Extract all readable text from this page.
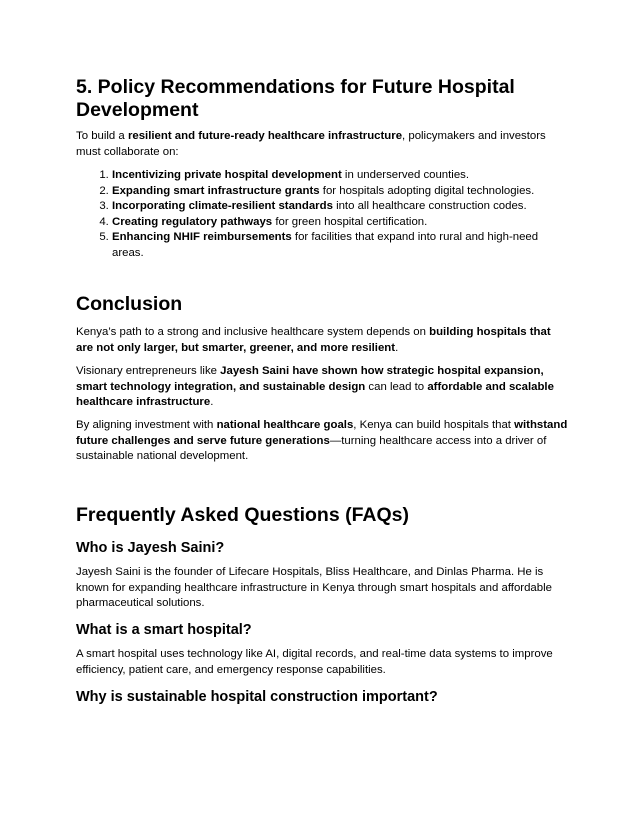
5. Policy Recommendations for Future Hospital Development

To build a resilient and future-ready healthcare infrastructure, policymakers and investors must collaborate on:

1. Incentivizing private hospital development in underserved counties.
2. Expanding smart infrastructure grants for hospitals adopting digital technologies.
3. Incorporating climate-resilient standards into all healthcare construction codes.
4. Creating regulatory pathways for green hospital certification.
5. Enhancing NHIF reimbursements for facilities that expand into rural and high-need areas.
Conclusion

Kenya’s path to a strong and inclusive healthcare system depends on building hospitals that are not only larger, but smarter, greener, and more resilient.

Visionary entrepreneurs like Jayesh Saini have shown how strategic hospital expansion, smart technology integration, and sustainable design can lead to affordable and scalable healthcare infrastructure.

By aligning investment with national healthcare goals, Kenya can build hospitals that withstand future challenges and serve future generations—turning healthcare access into a driver of sustainable national development.

Frequently Asked Questions (FAQs)
Who is Jayesh Saini?

Jayesh Saini is the founder of Lifecare Hospitals, Bliss Healthcare, and Dinlas Pharma. He is known for expanding healthcare infrastructure in Kenya through smart hospitals and affordable pharmaceutical solutions.

What is a smart hospital?

A smart hospital uses technology like AI, digital records, and real-time data systems to improve efficiency, patient care, and emergency response capabilities.

Why is sustainable hospital construction important?
